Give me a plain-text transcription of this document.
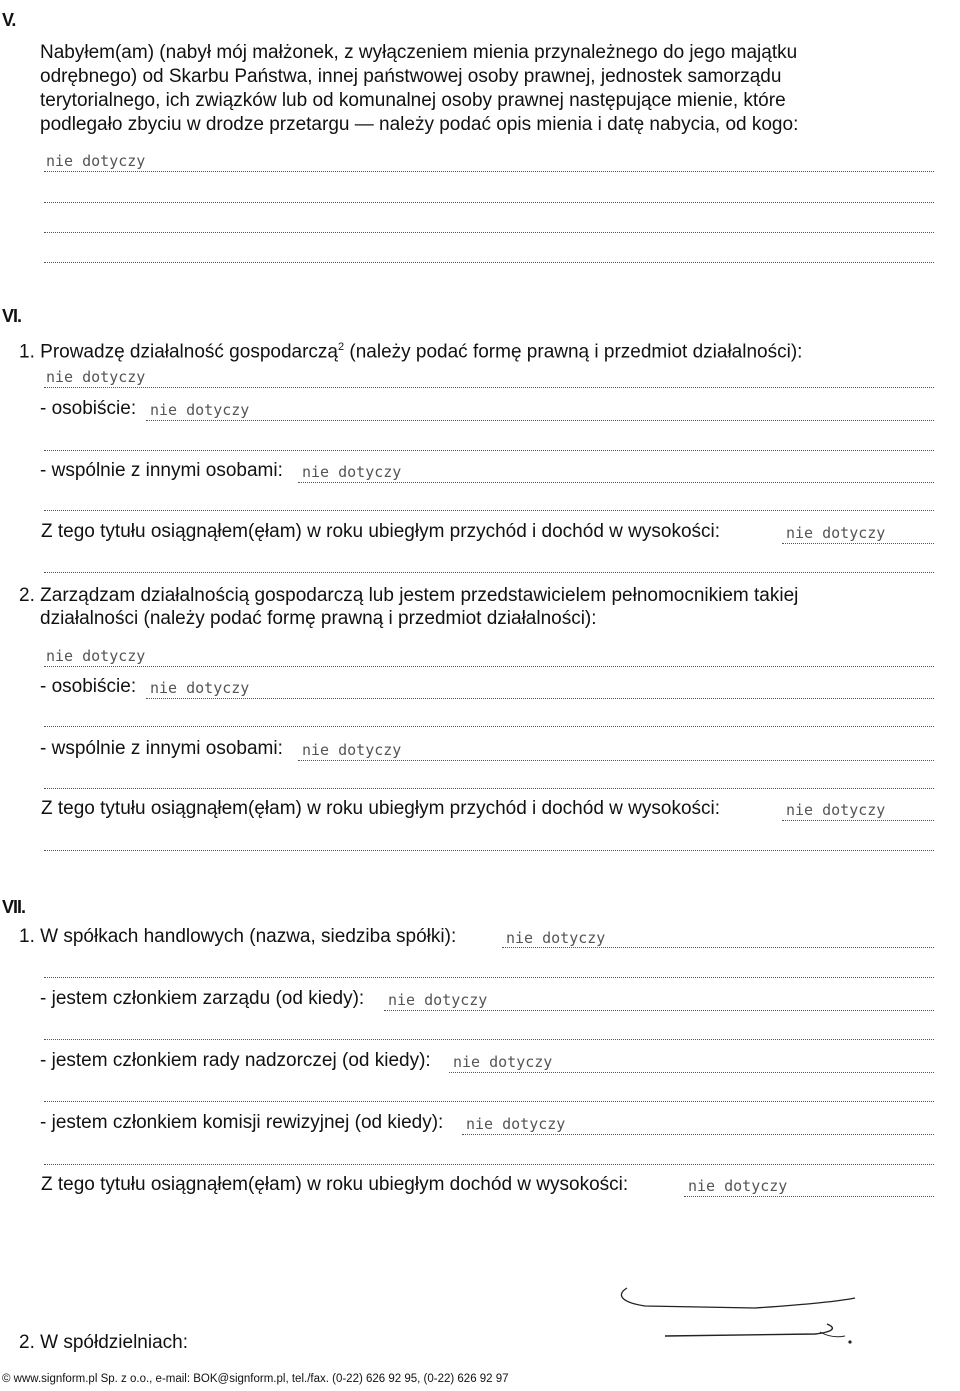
V.
Nabyłem(am) (nabył mój małżonek, z wyłączeniem mienia przynależnego do jego majątku
odrębnego) od Skarbu Państwa, innej państwowej osoby prawnej, jednostek samorządu
terytorialnego, ich związków lub od komunalnej osoby prawnej następujące mienie, które
podlegało zbyciu w drodze przetargu — należy podać opis mienia i datę nabycia, od kogo:
nie dotyczy
VI.
1. Prowadzę działalność gospodarczą$^2$ (należy podać formę prawną i przedmiot działalności):
nie dotyczy
- osobiście: nie dotyczy
- wspólnie z innymi osobami: nie dotyczy
Z tego tytułu osiągnąłem(ęłam) w roku ubiegłym przychód i dochód w wysokości:	nie dotyczy
2. Zarządzam działalnością gospodarczą lub jestem przedstawicielem pełnomocnikiem takiej
działalności (należy podać formę prawną i przedmiot działalności):
nie dotyczy
- osobiście: nie dotyczy
- wspólnie z innymi osobami: nie dotyczy
Z tego tytułu osiągnąłem(ęłam) w roku ubiegłym przychód i dochód w wysokości:	nie dotyczy
VII.
1. W spółkach handlowych (nazwa, siedziba spółki):	nie dotyczy
- jestem członkiem zarządu (od kiedy): nie dotyczy
- jestem członkiem rady nadzorczej (od kiedy): nie dotyczy
- jestem członkiem komisji rewizyjnej (od kiedy): nie dotyczy
Z tego tytułu osiągnąłem(ęłam) w roku ubiegłym dochód w wysokości:	nie dotyczy
2. W spółdzielniach:
© www.signform.pl Sp. z o.o., e-mail: BOK@signform.pl, tel./fax. (0-22) 626 92 95, (0-22) 626 92 97
